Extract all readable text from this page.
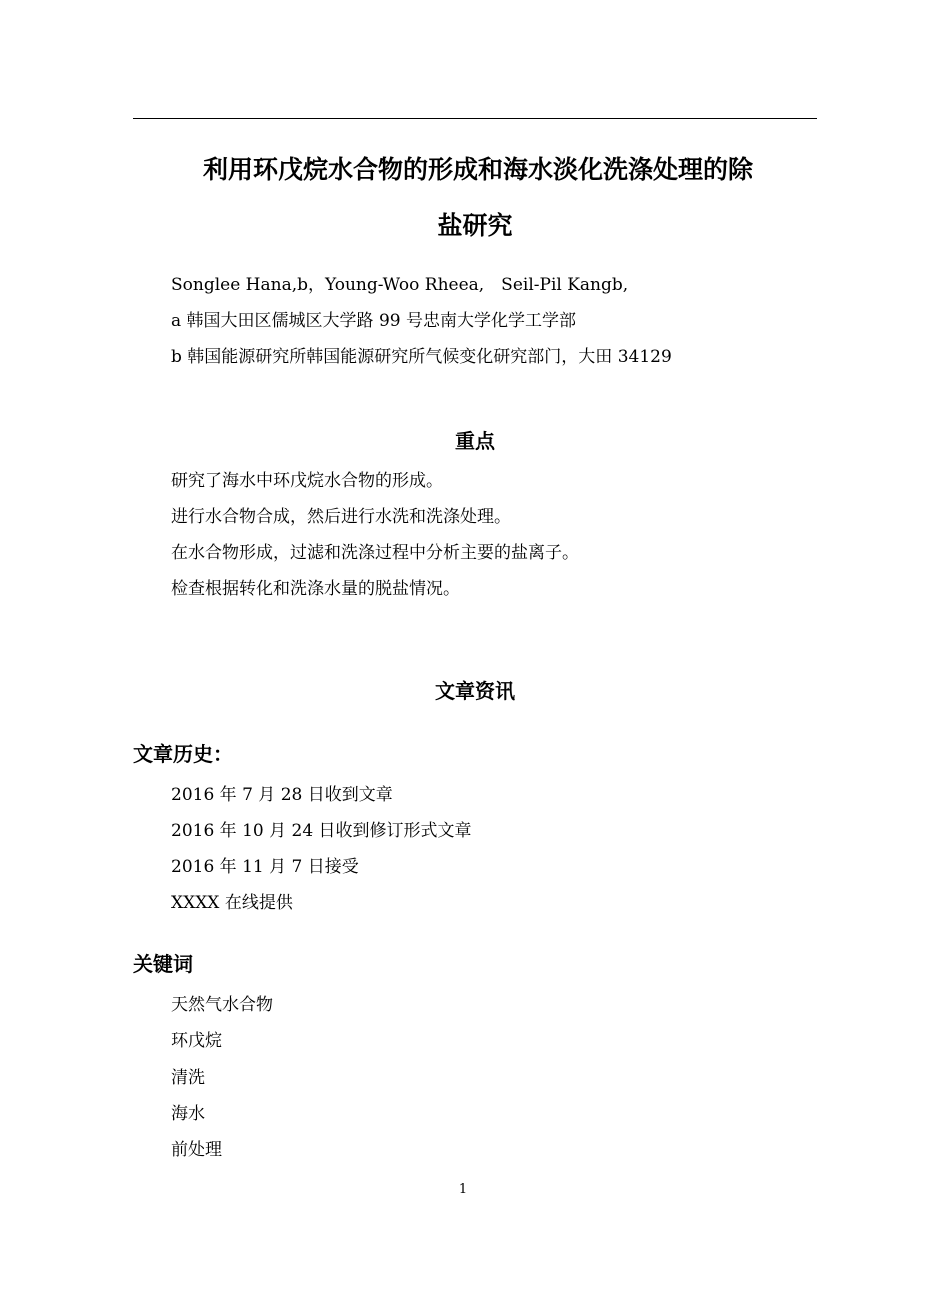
利用环戊烷水合物的形成和海水淡化洗涤处理的除
盐研究
Songlee Hana,b，Young-Woo Rheea,　Seil-Pil Kangb,
a 韩国大田区儒城区大学路 99 号忠南大学化学工学部
b 韩国能源研究所韩国能源研究所气候变化研究部门，大田 34129
重点
研究了海水中环戊烷水合物的形成。
进行水合物合成，然后进行水洗和洗涤处理。
在水合物形成，过滤和洗涤过程中分析主要的盐离子。
检查根据转化和洗涤水量的脱盐情况。
文章资讯
文章历史：
2016 年 7 月 28 日收到文章
2016 年 10 月 24 日收到修订形式文章
2016 年 11 月 7 日接受
XXXX 在线提供
关键词
天然气水合物
环戊烷
清洗
海水
前处理
1
